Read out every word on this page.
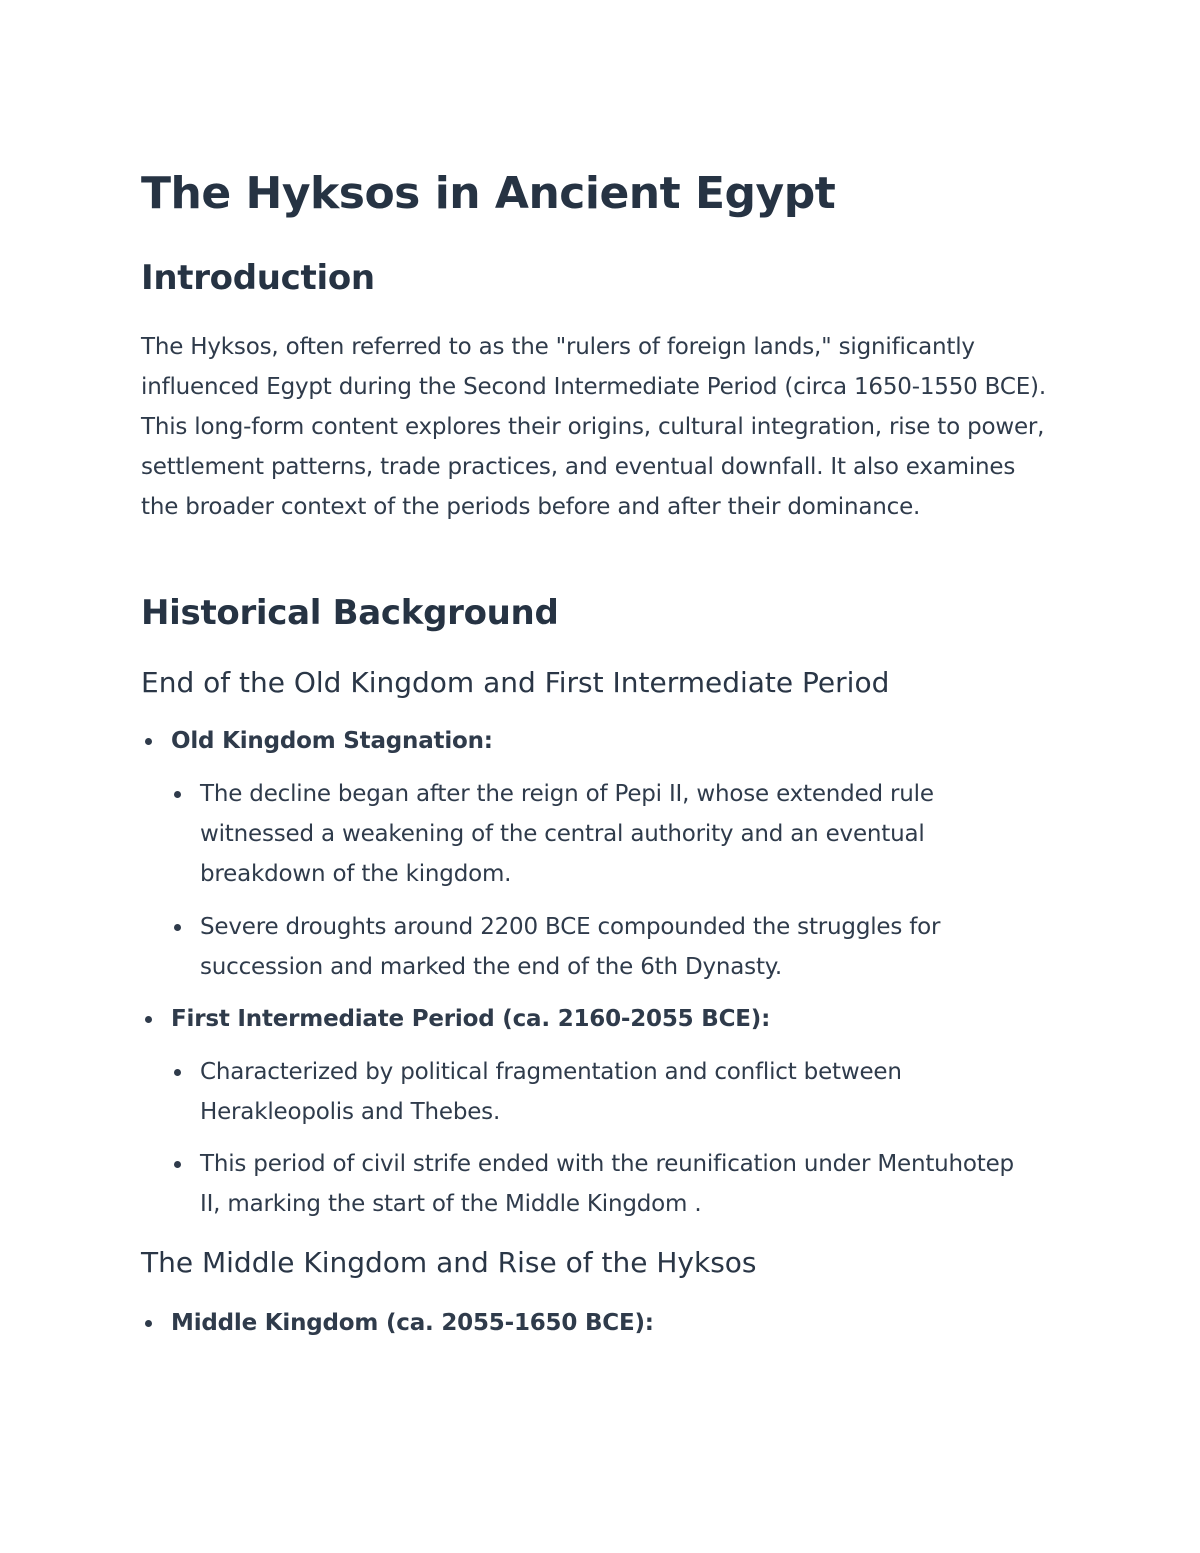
The Hyksos in Ancient Egypt
Introduction

The Hyksos, often referred to as the "rulers of foreign lands," significantly influenced Egypt during the Second Intermediate Period (circa 1650-1550 BCE). This long-form content explores their origins, cultural integration, rise to power, settlement patterns, trade practices, and eventual downfall. It also examines the broader context of the periods before and after their dominance.

Historical Background
End of the Old Kingdom and First Intermediate Period
Old Kingdom Stagnation:
The decline began after the reign of Pepi II, whose extended rule witnessed a weakening of the central authority and an eventual breakdown of the kingdom.
Severe droughts around 2200 BCE compounded the struggles for succession and marked the end of the 6th Dynasty.
First Intermediate Period (ca. 2160-2055 BCE):
Characterized by political fragmentation and conflict between Herakleopolis and Thebes.
This period of civil strife ended with the reunification under Mentuhotep II, marking the start of the Middle Kingdom .
The Middle Kingdom and Rise of the Hyksos
Middle Kingdom (ca. 2055-1650 BCE):
